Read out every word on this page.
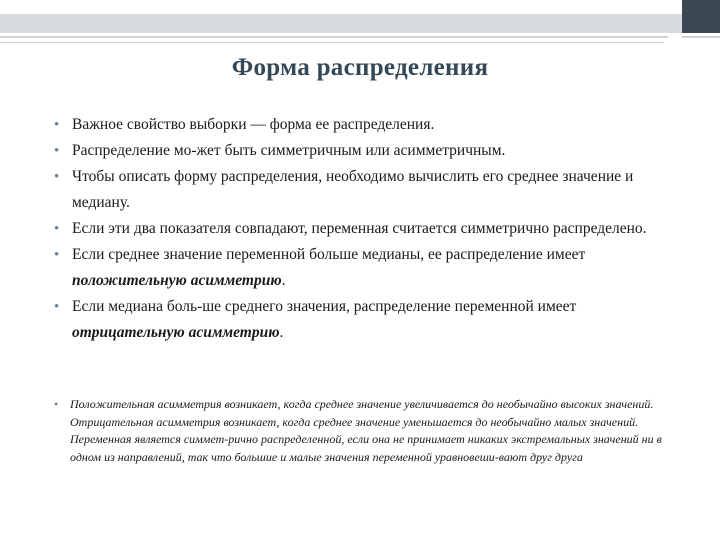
Форма распределения
• Важное свойство выборки — форма ее распределения.
• Распределение мо-жет быть симметричным или асимметричным.
• Чтобы описать форму распределения, необходимо вычислить его среднее значение и медиану.
• Если эти два показателя совпадают, переменная считается симметрично распределено.
• Если среднее значение переменной больше медианы, ее распределение имеет положительную асимметрию.
• Если медиана боль-ше среднего значения, распределение переменной имеет отрицательную асимметрию.
• Положительная асимметрия возникает, когда среднее значение увеличивается до необычайно высоких значений. Отрицательная асимметрия возникает, когда среднее значение уменьшается до необычайно малых значений. Переменная является симмет-рично распределенной, если она не принимает никаких экстремальных значений ни в одном из направлений, так что большие и малые значения переменной уравновеши-вают друг друга
